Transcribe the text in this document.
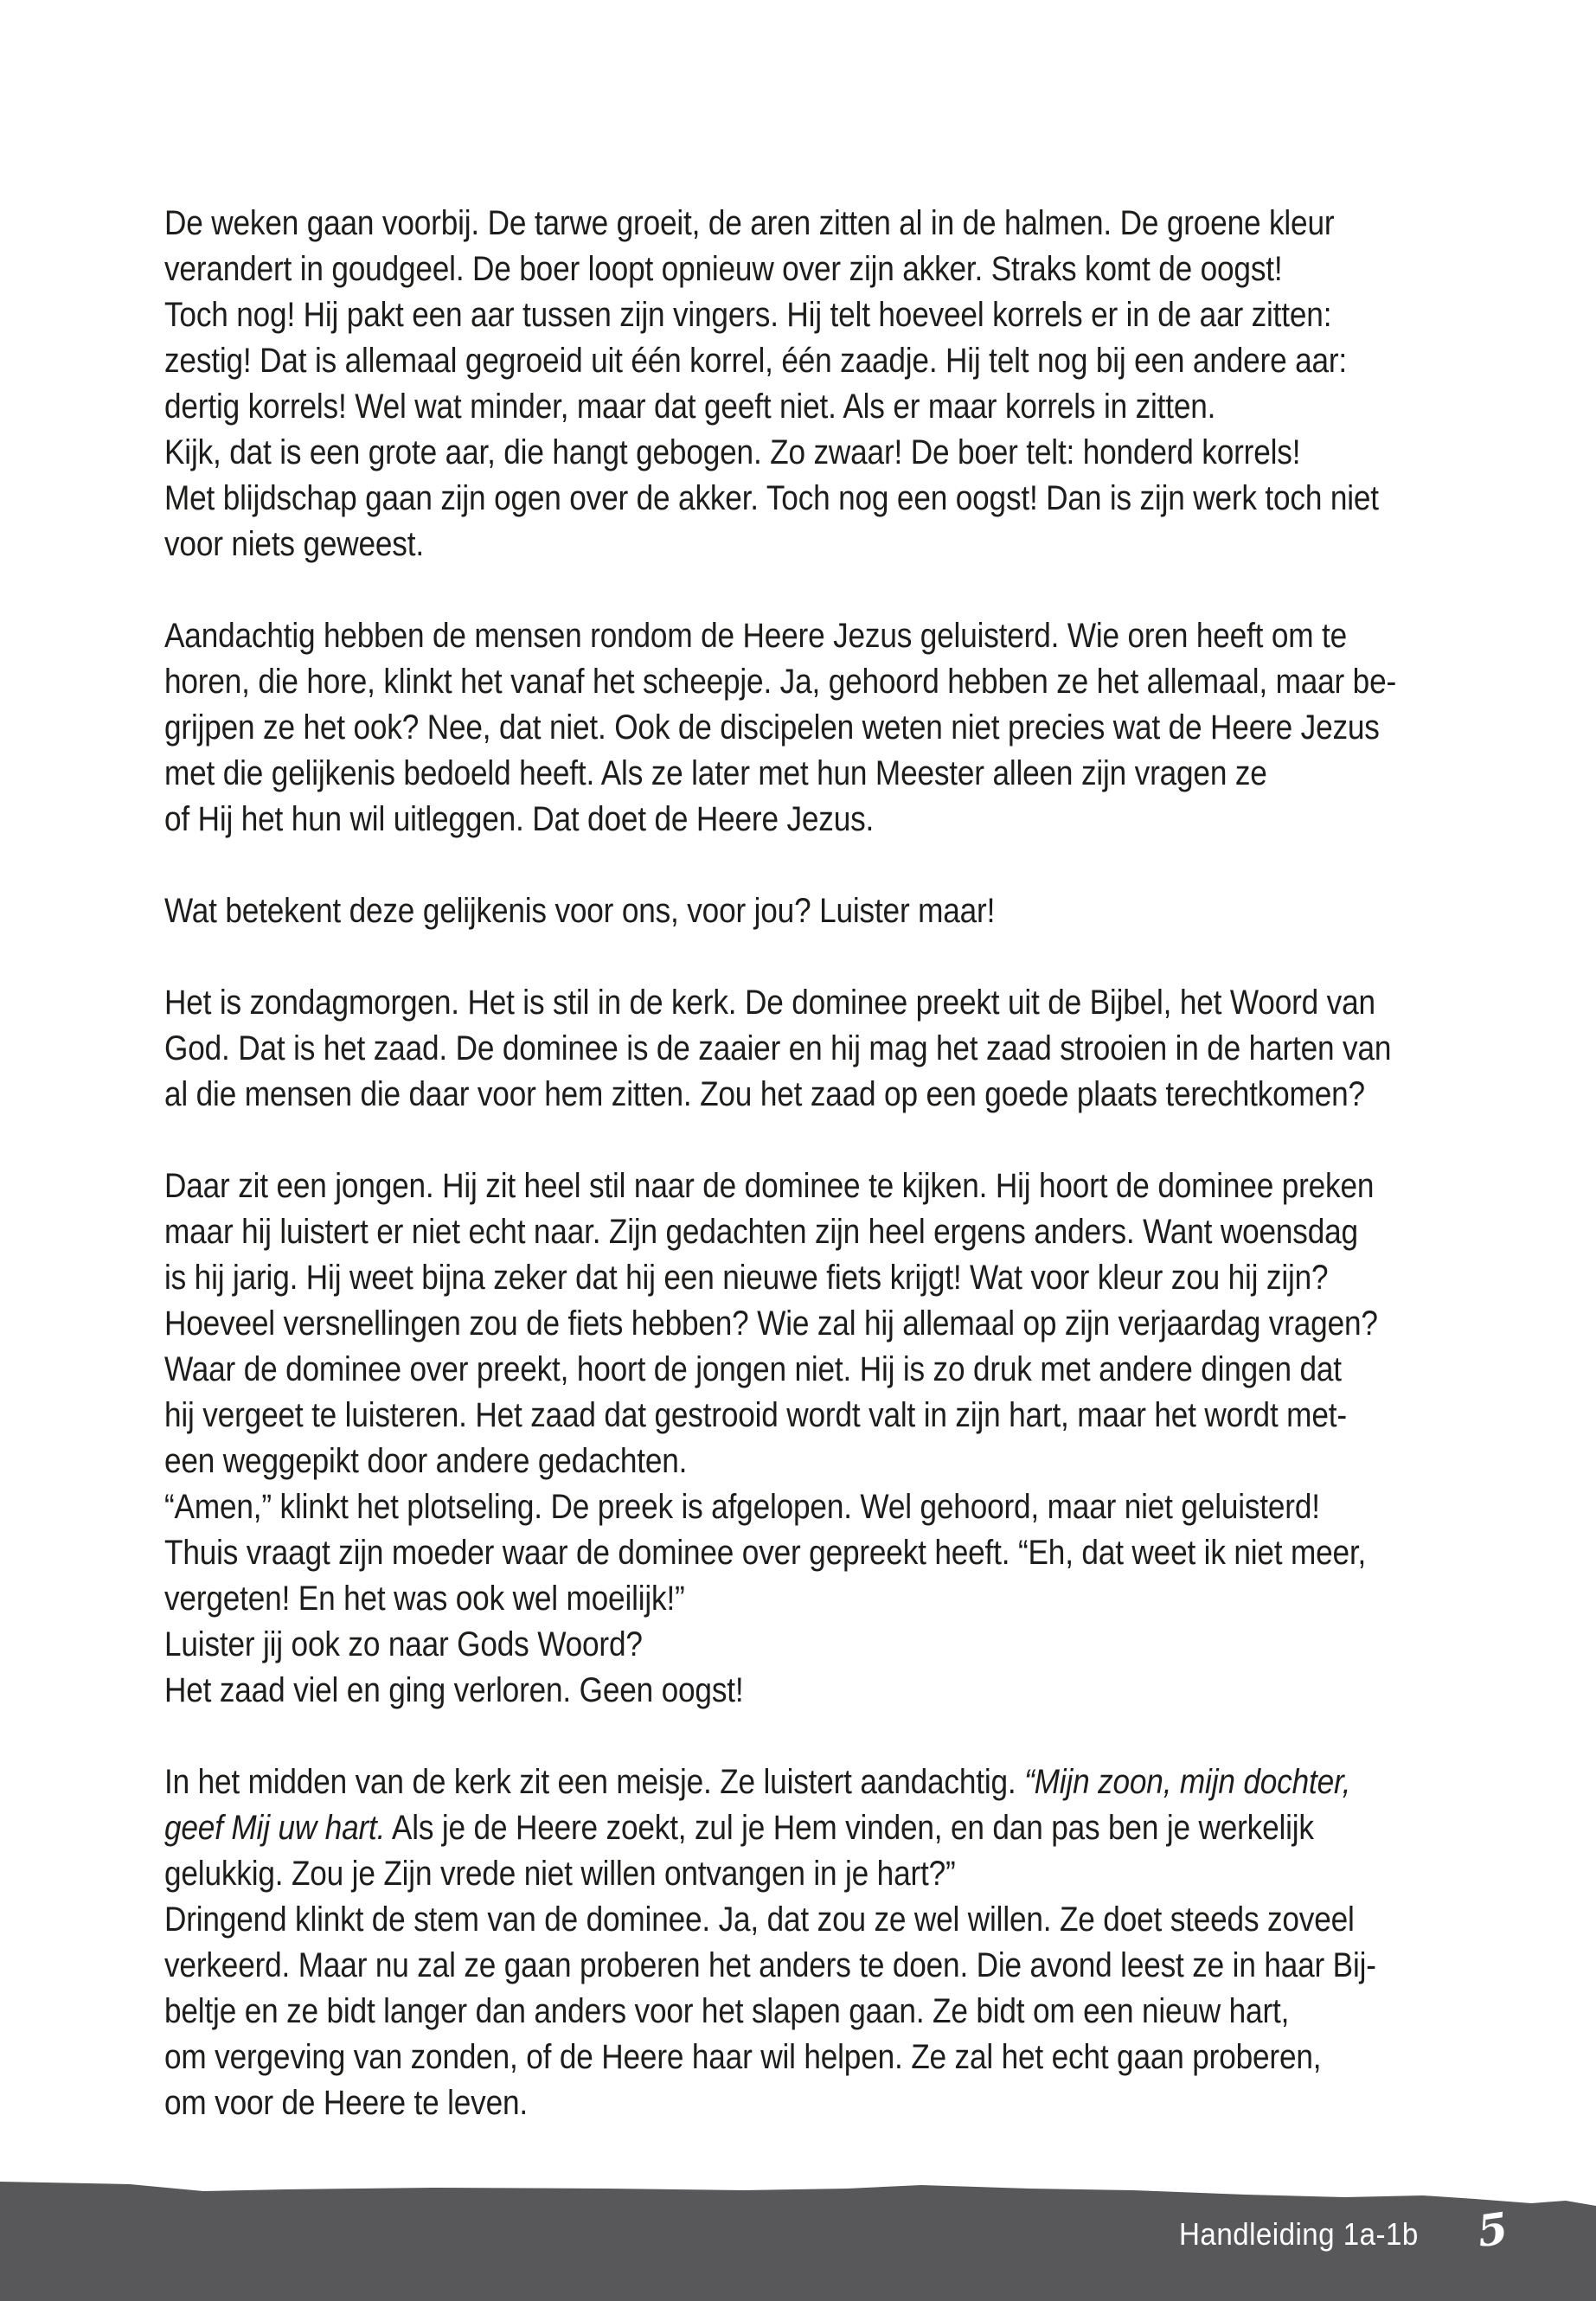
De weken gaan voorbij. De tarwe groeit, de aren zitten al in de halmen. De groene kleur
verandert in goudgeel. De boer loopt opnieuw over zijn akker. Straks komt de oogst!
Toch nog! Hij pakt een aar tussen zijn vingers. Hij telt hoeveel korrels er in de aar zitten:
zestig! Dat is allemaal gegroeid uit één korrel, één zaadje. Hij telt nog bij een andere aar:
dertig korrels! Wel wat minder, maar dat geeft niet. Als er maar korrels in zitten.
Kijk, dat is een grote aar, die hangt gebogen. Zo zwaar! De boer telt: honderd korrels!
Met blijdschap gaan zijn ogen over de akker. Toch nog een oogst! Dan is zijn werk toch niet
voor niets geweest.
Aandachtig hebben de mensen rondom de Heere Jezus geluisterd. Wie oren heeft om te
horen, die hore, klinkt het vanaf het scheepje. Ja, gehoord hebben ze het allemaal, maar be-
grijpen ze het ook? Nee, dat niet. Ook de discipelen weten niet precies wat de Heere Jezus
met die gelijkenis bedoeld heeft. Als ze later met hun Meester alleen zijn vragen ze
of Hij het hun wil uitleggen. Dat doet de Heere Jezus.
Wat betekent deze gelijkenis voor ons, voor jou? Luister maar!
Het is zondagmorgen. Het is stil in de kerk. De dominee preekt uit de Bijbel, het Woord van
God. Dat is het zaad. De dominee is de zaaier en hij mag het zaad strooien in de harten van
al die mensen die daar voor hem zitten. Zou het zaad op een goede plaats terechtkomen?
Daar zit een jongen. Hij zit heel stil naar de dominee te kijken. Hij hoort de dominee preken
maar hij luistert er niet echt naar. Zijn gedachten zijn heel ergens anders. Want woensdag
is hij jarig. Hij weet bijna zeker dat hij een nieuwe fiets krijgt! Wat voor kleur zou hij zijn?
Hoeveel versnellingen zou de fiets hebben? Wie zal hij allemaal op zijn verjaardag vragen?
Waar de dominee over preekt, hoort de jongen niet. Hij is zo druk met andere dingen dat
hij vergeet te luisteren. Het zaad dat gestrooid wordt valt in zijn hart, maar het wordt met-
een weggepikt door andere gedachten.
“Amen,” klinkt het plotseling. De preek is afgelopen. Wel gehoord, maar niet geluisterd!
Thuis vraagt zijn moeder waar de dominee over gepreekt heeft. “Eh, dat weet ik niet meer,
vergeten! En het was ook wel moeilijk!”
Luister jij ook zo naar Gods Woord?
Het zaad viel en ging verloren. Geen oogst!
In het midden van de kerk zit een meisje. Ze luistert aandachtig. “Mijn zoon, mijn dochter,
geef Mij uw hart. Als je de Heere zoekt, zul je Hem vinden, en dan pas ben je werkelijk
gelukkig. Zou je Zijn vrede niet willen ontvangen in je hart?”
Dringend klinkt de stem van de dominee. Ja, dat zou ze wel willen. Ze doet steeds zoveel
verkeerd. Maar nu zal ze gaan proberen het anders te doen. Die avond leest ze in haar Bij-
beltje en ze bidt langer dan anders voor het slapen gaan. Ze bidt om een nieuw hart,
om vergeving van zonden, of de Heere haar wil helpen. Ze zal het echt gaan proberen,
om voor de Heere te leven.
Handleiding 1a-1b 5
